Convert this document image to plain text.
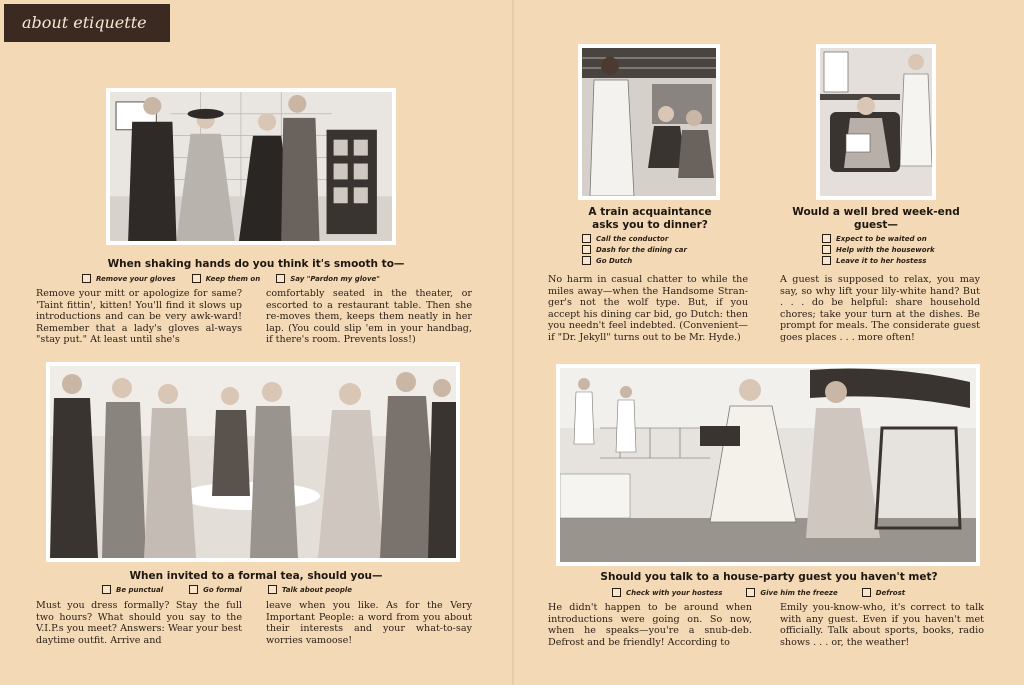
about etiquette
When shaking hands do you think it's smooth to—
Remove your gloves	Keep them on	Say "Pardon my glove"
Remove your mitt or apologize for same? 'Taint fittin', kitten! You'll find it slows up introductions and can be very awk-ward! Remember that a lady's gloves al-ways "stay put." At least until she's
comfortably seated in the theater, or escorted to a restaurant table. Then she re-moves them, keeps them neatly in her lap. (You could slip 'em in your handbag, if there's room. Prevents loss!)
When invited to a formal tea, should you—
Be punctual	Go formal	Talk about people
Must you dress formally? Stay the full two hours? What should you say to the V.I.P.s you meet? Answers: Wear your best daytime outfit. Arrive and
leave when you like. As for the Very Important People: a word from you about their interests and your what-to-say worries vamoose!
A train acquaintance
asks you to dinner?
Call the conductor
Dash for the dining car
Go Dutch
Would a well bred week-end
guest—
Expect to be waited on
Help with the housework
Leave it to her hostess
No harm in casual chatter to while the miles away—when the Handsome Stran-ger's not the wolf type. But, if you accept his dining car bid, go Dutch: then you needn't feel indebted. (Convenient—if "Dr. Jekyll" turns out to be Mr. Hyde.)
A guest is supposed to relax, you may say, so why lift your lily-white hand? But . . . do be helpful: share household chores; take your turn at the dishes. Be prompt for meals. The considerate guest goes places . . . more often!
Should you talk to a house-party guest you haven't met?
Check with your hostess	Give him the freeze	Defrost
He didn't happen to be around when introductions were going on. So now, when he speaks—you're a snub-deb. Defrost and be friendly! According to
Emily you-know-who, it's correct to talk with any guest. Even if you haven't met officially. Talk about sports, books, radio shows . . . or, the weather!
